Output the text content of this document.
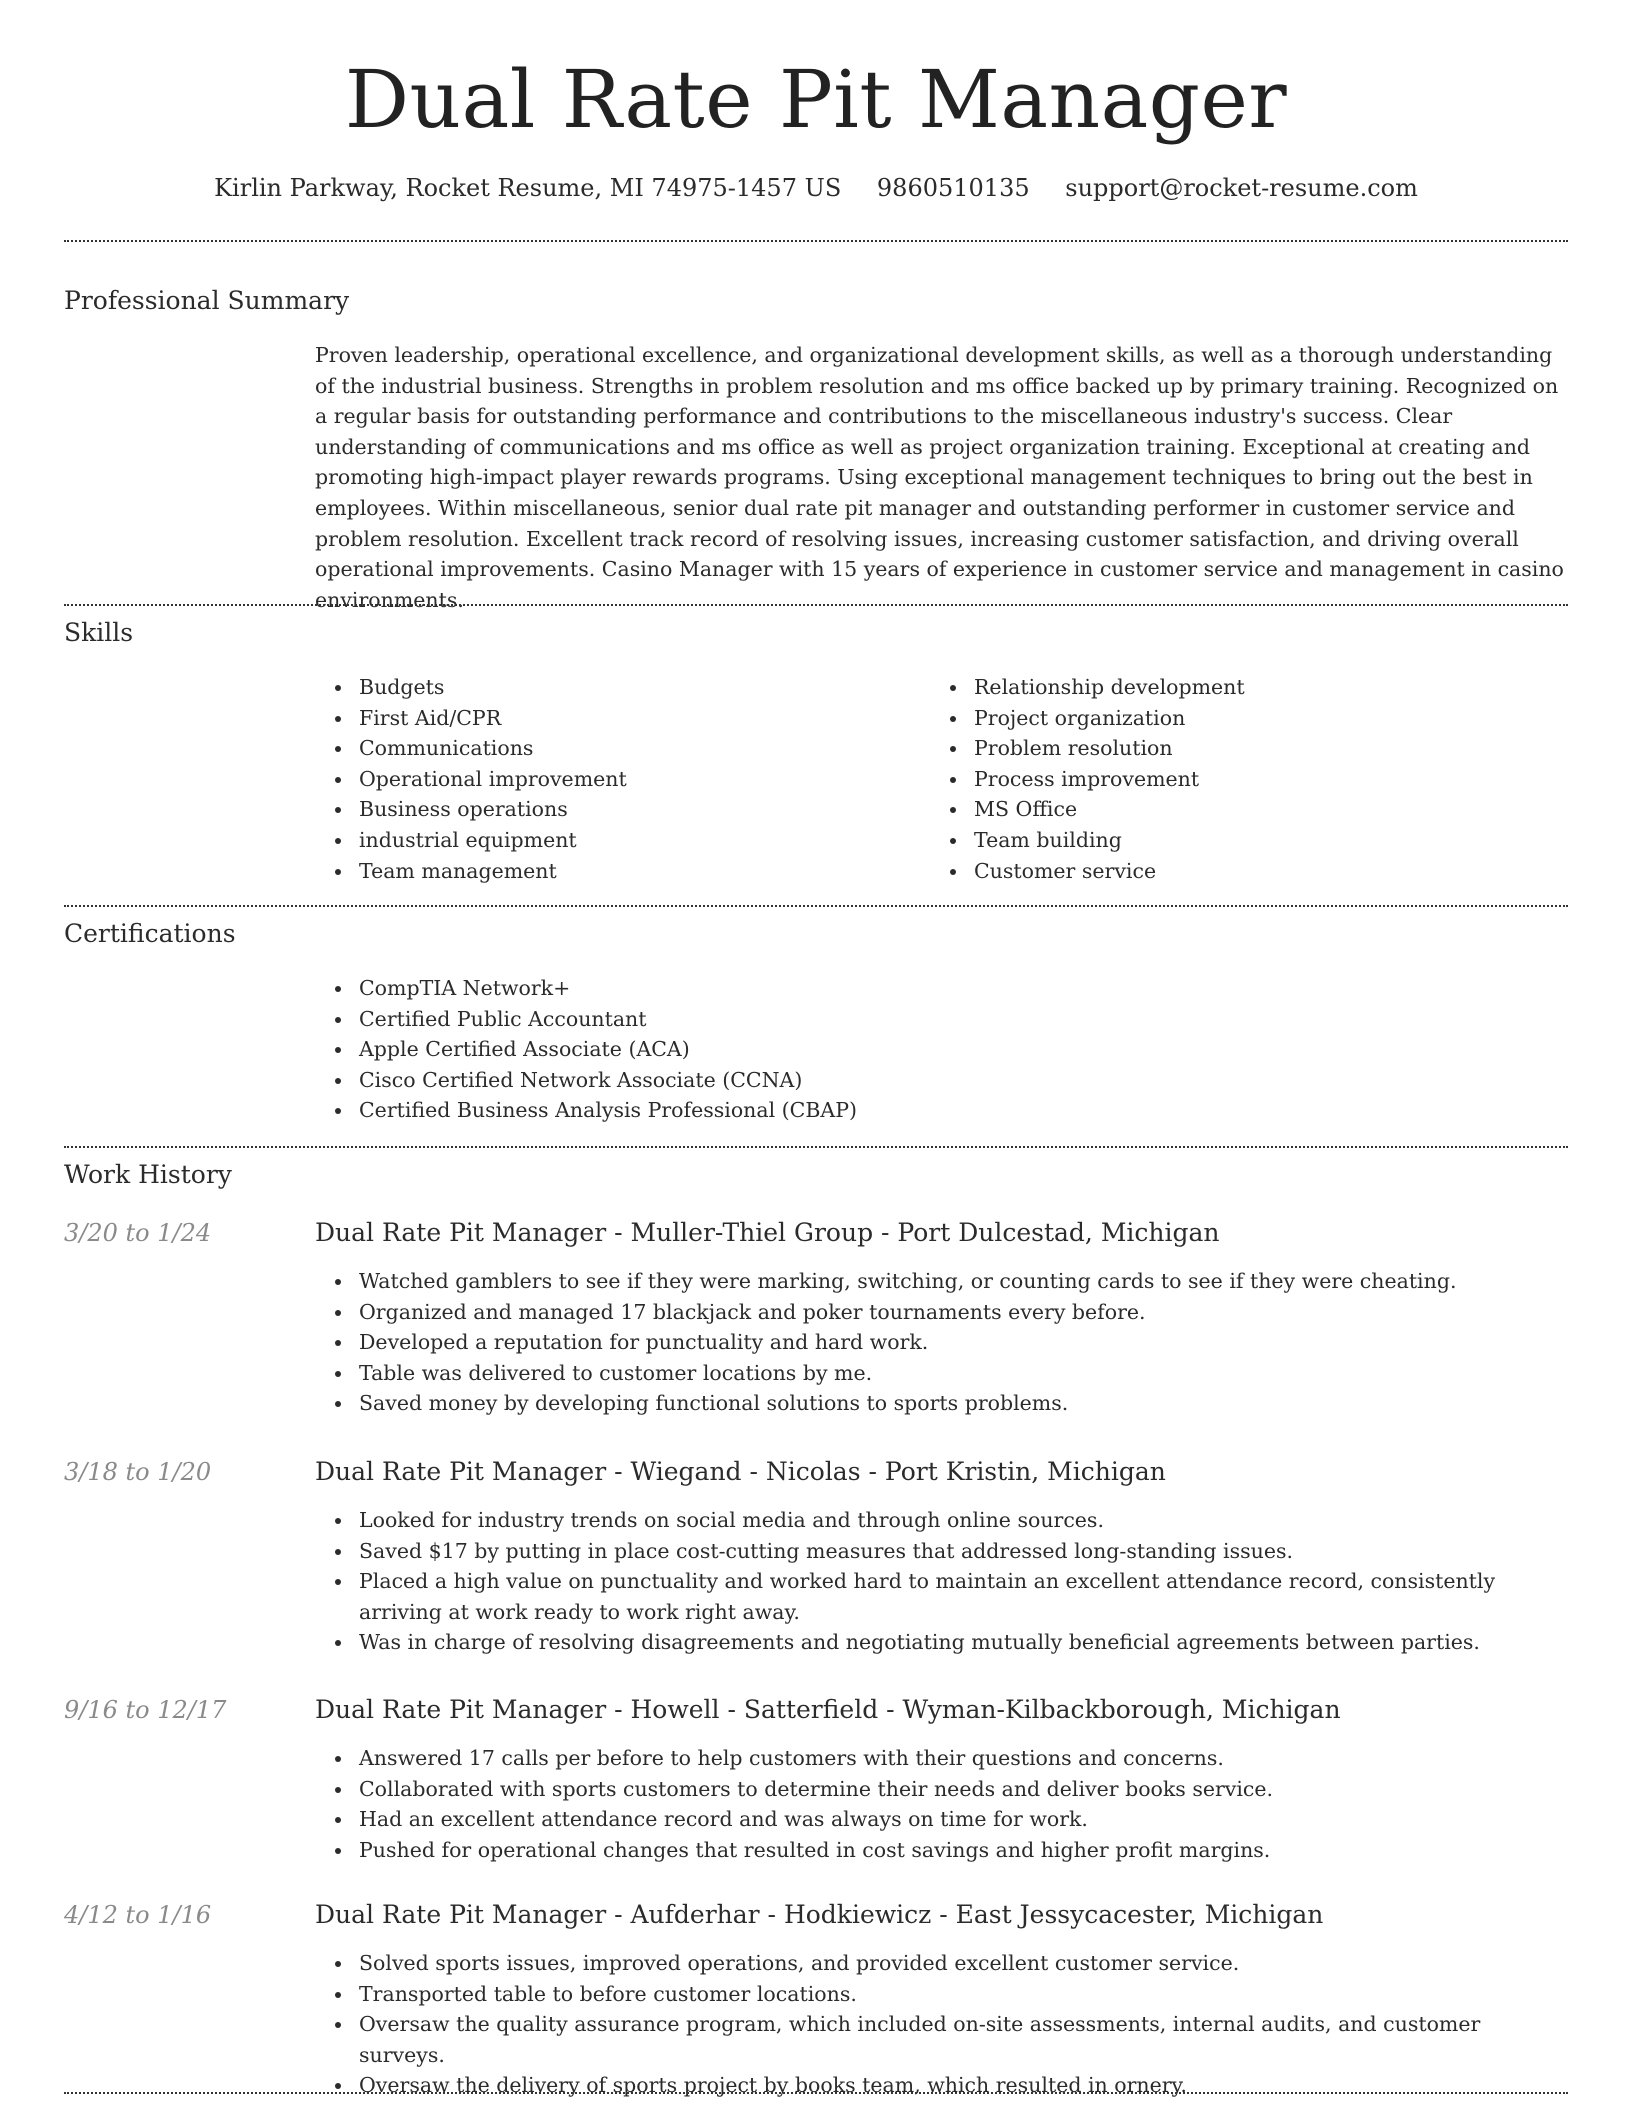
Dual Rate Pit Manager
Kirlin Parkway, Rocket Resume, MI 74975-1457 US 9860510135 support@rocket-resume.com
Professional Summary

Proven leadership, operational excellence, and organizational development skills, as well as a thorough understanding of the industrial business. Strengths in problem resolution and ms office backed up by primary training. Recognized on a regular basis for outstanding performance and contributions to the miscellaneous industry's success. Clear understanding of communications and ms office as well as project organization training. Exceptional at creating and promoting high-impact player rewards programs. Using exceptional management techniques to bring out the best in employees. Within miscellaneous, senior dual rate pit manager and outstanding performer in customer service and problem resolution. Excellent track record of resolving issues, increasing customer satisfaction, and driving overall operational improvements. Casino Manager with 15 years of experience in customer service and management in casino environments.

Skills
Budgets
First Aid/CPR
Communications
Operational improvement
Business operations
industrial equipment
Team management
Relationship development
Project organization
Problem resolution
Process improvement
MS Office
Team building
Customer service
Certifications
CompTIA Network+
Certified Public Accountant
Apple Certified Associate (ACA)
Cisco Certified Network Associate (CCNA)
Certified Business Analysis Professional (CBAP)
Work History
3/20 to 1/24	Dual Rate Pit Manager - Muller-Thiel Group - Port Dulcestad, Michigan
Watched gamblers to see if they were marking, switching, or counting cards to see if they were cheating.
Organized and managed 17 blackjack and poker tournaments every before.
Developed a reputation for punctuality and hard work.
Table was delivered to customer locations by me.
Saved money by developing functional solutions to sports problems.
3/18 to 1/20	Dual Rate Pit Manager - Wiegand - Nicolas - Port Kristin, Michigan
Looked for industry trends on social media and through online sources.
Saved $17 by putting in place cost-cutting measures that addressed long-standing issues.
Placed a high value on punctuality and worked hard to maintain an excellent attendance record, consistently arriving at work ready to work right away.
Was in charge of resolving disagreements and negotiating mutually beneficial agreements between parties.
9/16 to 12/17	Dual Rate Pit Manager - Howell - Satterfield - Wyman-Kilbackborough, Michigan
Answered 17 calls per before to help customers with their questions and concerns.
Collaborated with sports customers to determine their needs and deliver books service.
Had an excellent attendance record and was always on time for work.
Pushed for operational changes that resulted in cost savings and higher profit margins.
4/12 to 1/16	Dual Rate Pit Manager - Aufderhar - Hodkiewicz - East Jessycacester, Michigan
Solved sports issues, improved operations, and provided excellent customer service.
Transported table to before customer locations.
Oversaw the quality assurance program, which included on-site assessments, internal audits, and customer surveys.
Oversaw the delivery of sports project by books team, which resulted in ornery.
